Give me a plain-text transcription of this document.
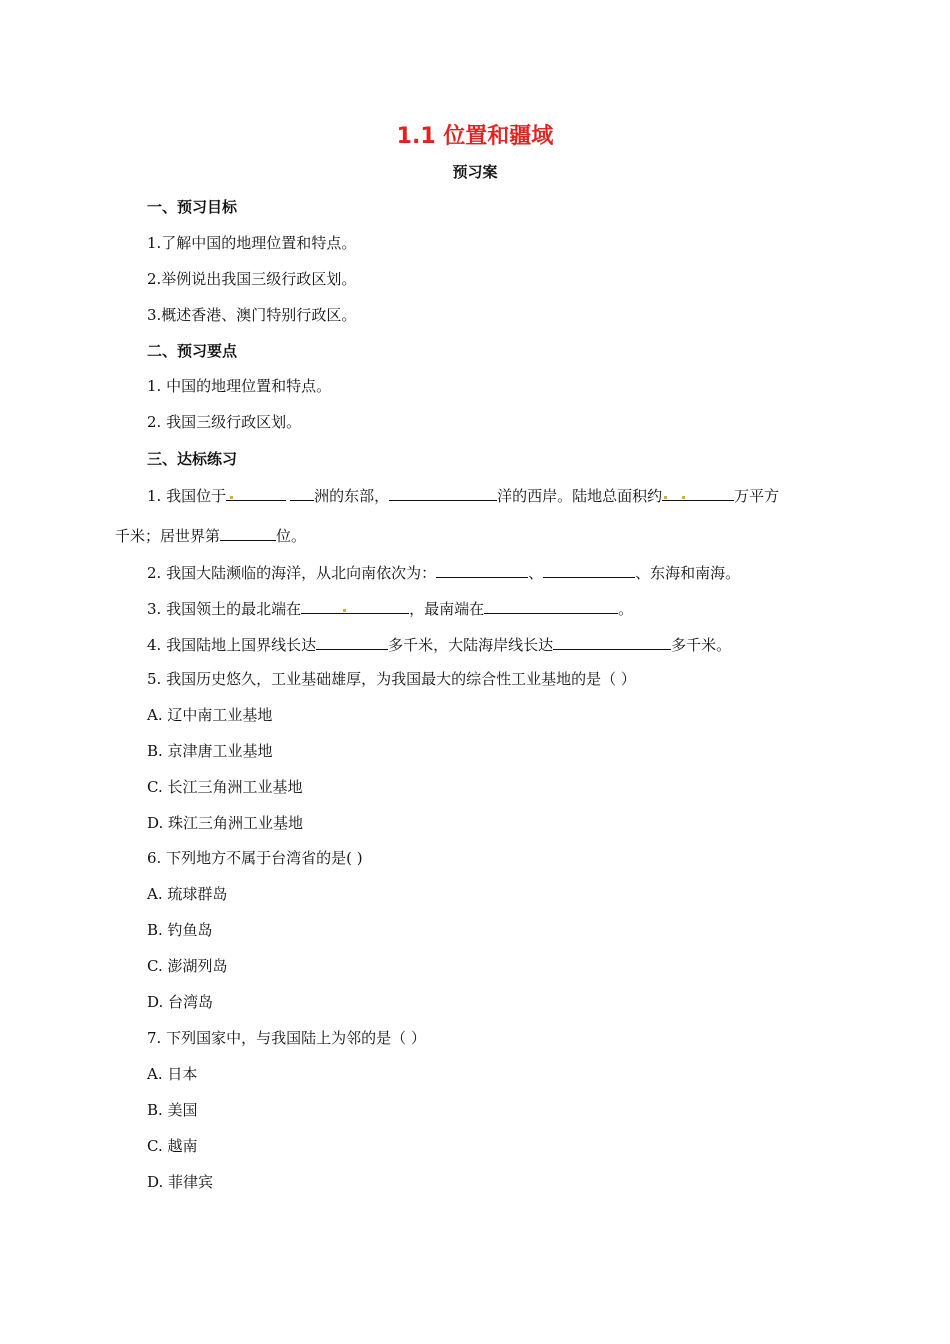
1.1 位置和疆域
预习案
一、预习目标
1.了解中国的地理位置和特点。
2.举例说出我国三级行政区划。
3.概述香港、澳门特别行政区。
二、预习要点
1. 中国的地理位置和特点。
2. 我国三级行政区划。
三、达标练习
1. 我国位于	洲的东部，	洋的西岸。陆地总面积约	万平方
千米；居世界第	位。
2. 我国大陆濒临的海洋，从北向南依次为：	、	、东海和南海。
3. 我国领土的最北端在	，最南端在	。
4. 我国陆地上国界线长达	多千米，大陆海岸线长达	多千米。
5. 我国历史悠久，工业基础雄厚，为我国最大的综合性工业基地的是（ ）
A. 辽中南工业基地
B. 京津唐工业基地
C. 长江三角洲工业基地
D. 珠江三角洲工业基地
6. 下列地方不属于台湾省的是( )
A. 琉球群岛
B. 钓鱼岛
C. 澎湖列岛
D. 台湾岛
7. 下列国家中，与我国陆上为邻的是（ ）
A. 日本
B. 美国
C. 越南
D. 菲律宾
